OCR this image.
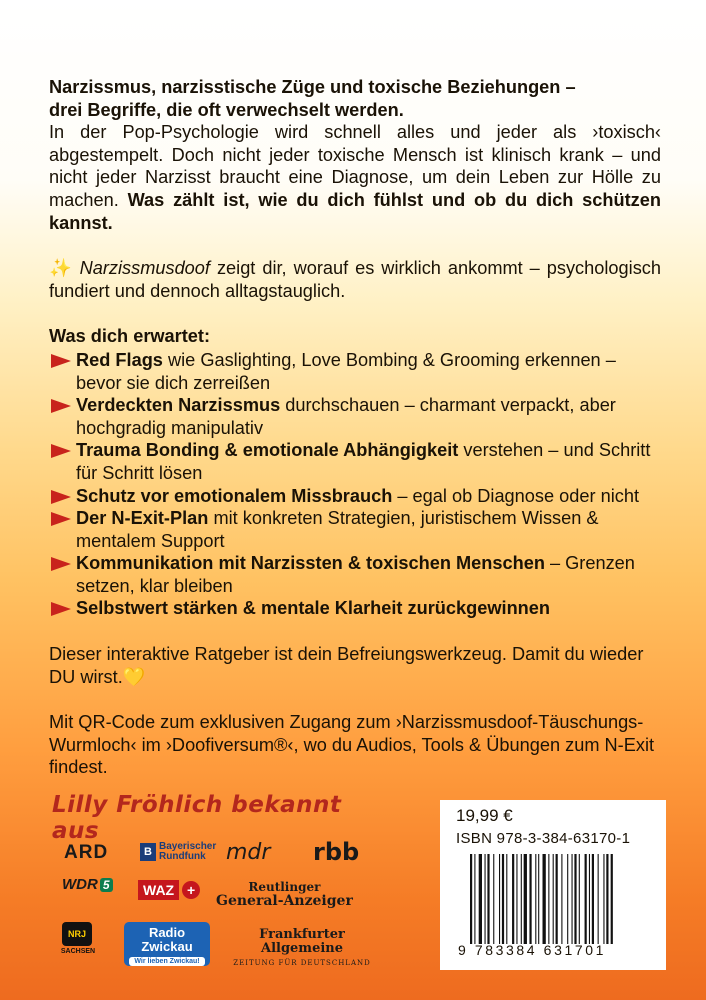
Narzissmus, narzisstische Züge und toxische Beziehungen –
drei Begriffe, die oft verwechselt werden.

In der Pop-Psychologie wird schnell alles und jeder als ›toxisch‹ abgestempelt. Doch nicht jeder toxische Mensch ist klinisch krank – und nicht jeder Narzisst braucht eine Diagnose, um dein Leben zur Hölle zu machen. Was zählt ist, wie du dich fühlst und ob du dich schützen kannst.

✨ Narzissmusdoof zeigt dir, worauf es wirklich ankommt – psychologisch fundiert und dennoch alltagstauglich.

Was dich erwartet:

Red Flags wie Gaslighting, Love Bombing & Grooming erkennen – bevor sie dich zerreißen
Verdeckten Narzissmus durchschauen – charmant verpackt, aber hochgradig manipulativ
Trauma Bonding & emotionale Abhängigkeit verstehen – und Schritt für Schritt lösen
Schutz vor emotionalem Missbrauch – egal ob Diagnose oder nicht
Der N-Exit-Plan mit konkreten Strategien, juristischem Wissen & mentalem Support
Kommunikation mit Narzissten & toxischen Menschen – Grenzen setzen, klar bleiben
Selbstwert stärken & mentale Klarheit zurückgewinnen

Dieser interaktive Ratgeber ist dein Befreiungswerkzeug. Damit du wieder DU wirst.💛

Mit QR-Code zum exklusiven Zugang zum ›Narzissmusdoof-Täuschungs-Wurmloch‹ im ›Doofiversum®‹, wo du Audios, Tools & Übungen zum N-Exit findest.

Lilly Fröhlich bekannt aus
ARD	B Bayerischer
Rundfunk mdr rbb
WDR 5	WAZ +	Reutlinger
General-Anzeiger
NRJ
SACHSEN
Radio
Zwickau
Wir lieben Zwickau!
Frankfurter Allgemeine
ZEITUNG FÜR DEUTSCHLAND
19,99 €
ISBN 978-3-384-63170-1
9 783384 631701
